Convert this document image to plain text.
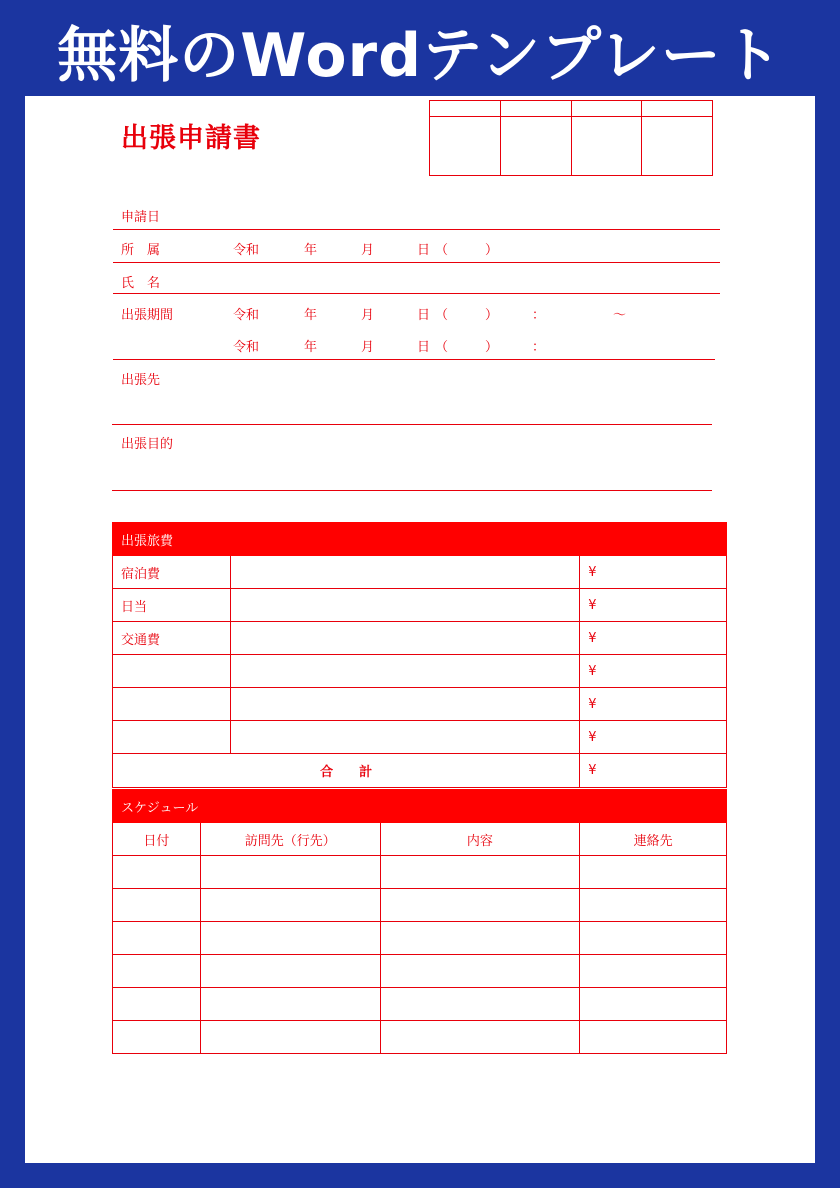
無料のWordテンプレート
出張申請書
申請日
所　属	令和	年	月	日 （	）
氏　名
出張期間	令和	年	月	日 （	）	：	～
令和	年	月	日 （	）	：
出張先
出張目的
出張旅費		
宿泊費		¥
日当		¥
交通費		¥
		¥
		¥
		¥
合　　計		¥
スケジュール			
日付	訪問先（行先）	内容	連絡先
